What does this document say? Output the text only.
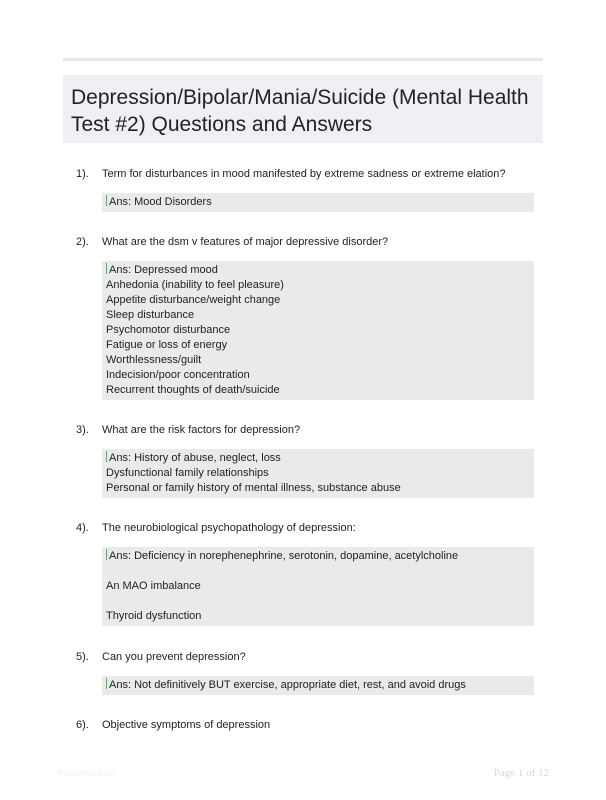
Depression/Bipolar/Mania/Suicide (Mental Health Test #2) Questions and Answers
1). Term for disturbances in mood manifested by extreme sadness or extreme elation?
Ans: Mood Disorders
2). What are the dsm v features of major depressive disorder?
Ans: Depressed mood
Anhedonia (inability to feel pleasure)
Appetite disturbance/weight change
Sleep disturbance
Psychomotor disturbance
Fatigue or loss of energy
Worthlessness/guilt
Indecision/poor concentration
Recurrent thoughts of death/suicide
3). What are the risk factors for depression?
Ans: History of abuse, neglect, loss
Dysfunctional family relationships
Personal or family history of mental illness, substance abuse
4). The neurobiological psychopathology of depression:
Ans: Deficiency in norephenephrine, serotonin, dopamine, acetylcholine
An MAO imbalance
Thyroid dysfunction
5). Can you prevent depression?
Ans: Not definitively BUT exercise, appropriate diet, rest, and avoid drugs
6). Objective symptoms of depression
Paperlibe.com	Page 1 of 12
